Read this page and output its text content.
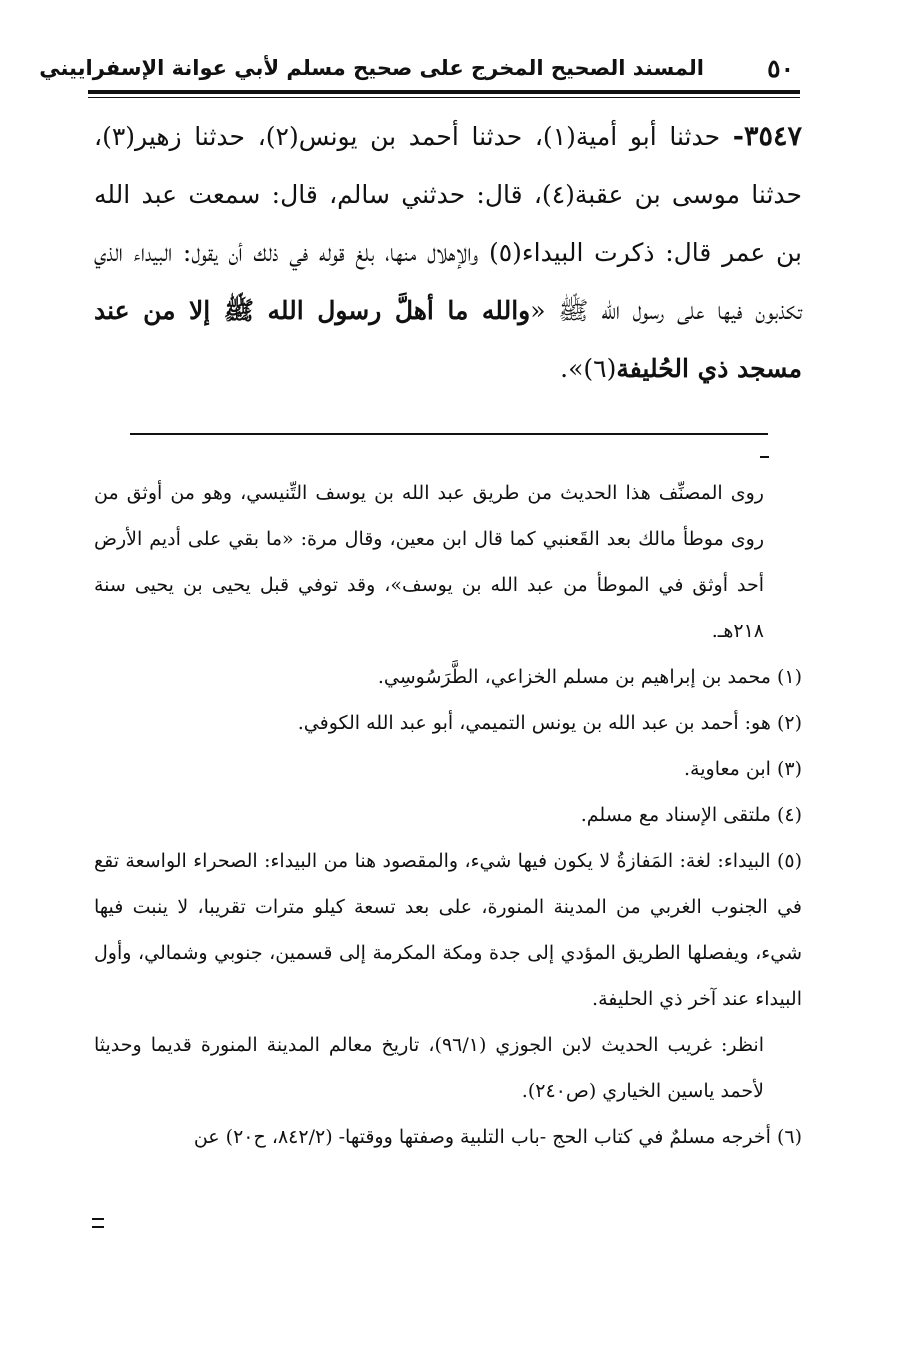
٥٠
المسند الصحيح المخرج على صحيح مسلم لأبي عوانة الإسفراييني

٣٥٤٧- حدثنا أبو أمية(١)، حدثنا أحمد بن يونس(٢)، حدثنا زهير(٣)، حدثنا موسى بن عقبة(٤)، قال: حدثني سالم، قال: سمعت عبد الله بن عمر قال: ذكرت البيداء(٥) والإهلال منها، بلغ قوله في ذلك أن يقول: البيداء الذي تكذبون فيها على رسول الله ﷺ «والله ما أهلَّ رسول الله ﷺ إلا من عند مسجد ذي الحُليفة(٦)».

روى المصنِّف هذا الحديث من طريق عبد الله بن يوسف التِّنيسي، وهو من أوثق من روى موطأ مالك بعد القَعنبي كما قال ابن معين، وقال مرة: «ما بقي على أديم الأرض أحد أوثق في الموطأ من عبد الله بن يوسف»، وقد توفي قبل يحيى بن يحيى سنة ٢١٨هـ.

(١) محمد بن إبراهيم بن مسلم الخزاعي، الطَّرَسُوسِي.

(٢) هو: أحمد بن عبد الله بن يونس التميمي، أبو عبد الله الكوفي.

(٣) ابن معاوية.

(٤) ملتقى الإسناد مع مسلم.

(٥) البيداء: لغة: المَفازةُ لا يكون فيها شيء، والمقصود هنا من البيداء: الصحراء الواسعة تقع في الجنوب الغربي من المدينة المنورة، على بعد تسعة كيلو مترات تقريبا، لا ينبت فيها شيء، ويفصلها الطريق المؤدي إلى جدة ومكة المكرمة إلى قسمين، جنوبي وشمالي، وأول البيداء عند آخر ذي الحليفة.

انظر: غريب الحديث لابن الجوزي (٩٦/١)، تاريخ معالم المدينة المنورة قديما وحديثا لأحمد ياسين الخياري (ص٢٤٠).

(٦) أخرجه مسلمٌ في كتاب الحج -باب التلبية وصفتها ووقتها- (٨٤٢/٢، ح٢٠) عن
